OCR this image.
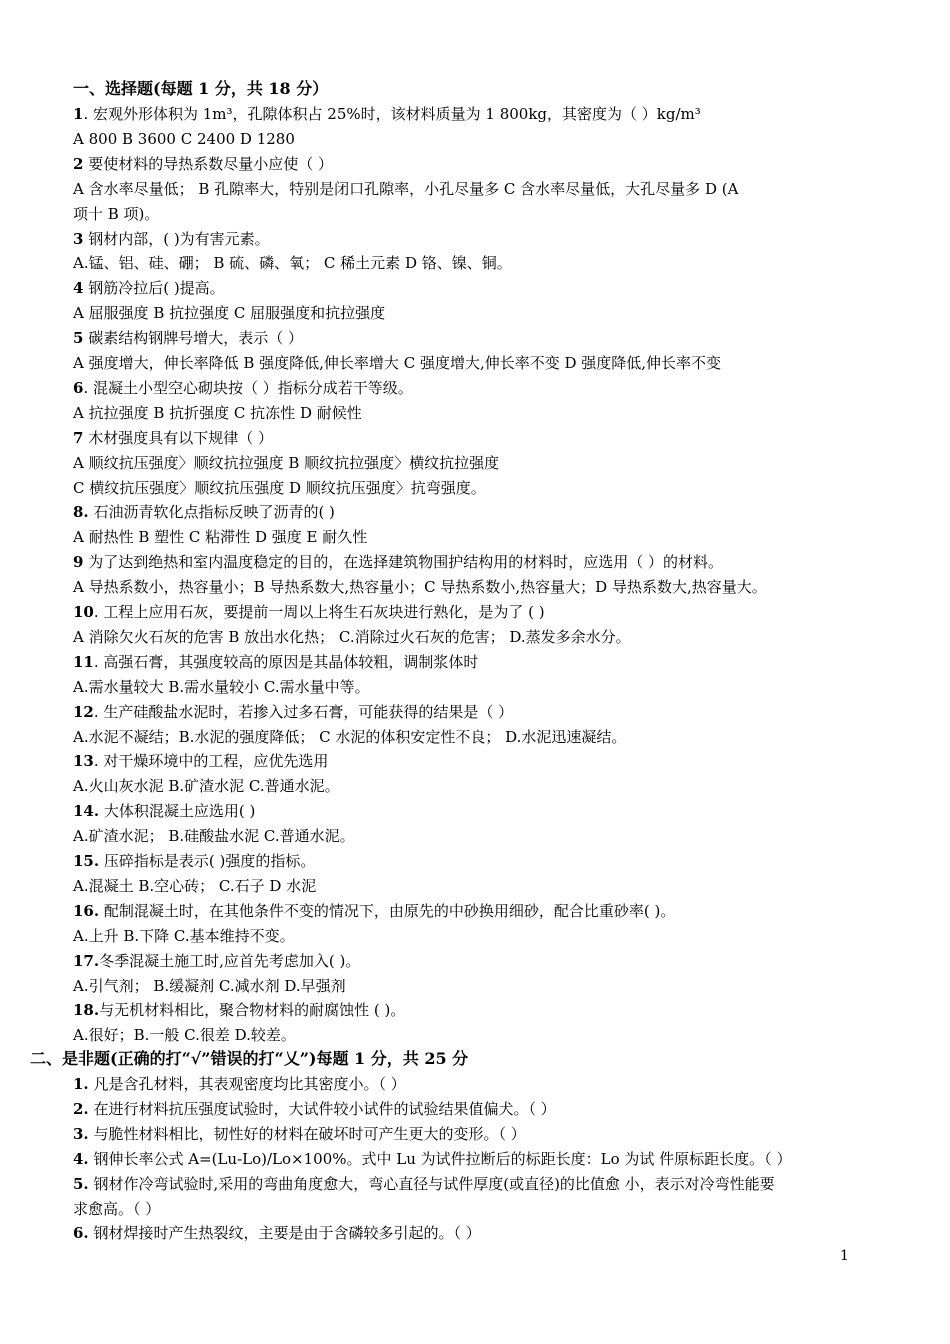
一、选择题(每题 1 分，共 18 分）
1. 宏观外形体积为 1m³，孔隙体积占 25%时，该材料质量为 1 800kg，其密度为（ ）kg/m³
A 800 B 3600 C 2400 D 1280
2 要使材料的导热系数尽量小应使（ ）
A 含水率尽量低； B 孔隙率大，特别是闭口孔隙率，小孔尽量多 C 含水率尽量低，大孔尽量多 D (A
项十 B 项)。
3 钢材内部，( )为有害元素。
A.锰、铝、硅、硼； B 硫、磷、氧； C 稀土元素 D 铬、镍、铜。
4 钢筋冷拉后( )提高。
A 屈服强度 B 抗拉强度 C 屈服强度和抗拉强度
5 碳素结构钢牌号增大，表示（ ）
A 强度增大，伸长率降低 B 强度降低,伸长率增大 C 强度增大,伸长率不变 D 强度降低,伸长率不变
6. 混凝土小型空心砌块按（ ）指标分成若干等级。
A 抗拉强度 B 抗折强度 C 抗冻性 D 耐候性
7 木材强度具有以下规律（ ）
A 顺纹抗压强度〉顺纹抗拉强度 B 顺纹抗拉强度〉横纹抗拉强度
C 横纹抗压强度〉顺纹抗压强度 D 顺纹抗压强度〉抗弯强度。
8. 石油沥青软化点指标反映了沥青的( )
A 耐热性 B 塑性 C 粘滞性 D 强度 E 耐久性
9 为了达到绝热和室内温度稳定的目的，在选择建筑物围护结构用的材料时，应选用（ ）的材料。
A 导热系数小，热容量小；B 导热系数大,热容量小；C 导热系数小,热容量大；D 导热系数大,热容量大。
10. 工程上应用石灰，要提前一周以上将生石灰块进行熟化，是为了 ( )
A 消除欠火石灰的危害 B 放出水化热； C.消除过火石灰的危害； D.蒸发多余水分。
11. 高强石膏，其强度较高的原因是其晶体较粗，调制浆体时
A.需水量较大 B.需水量较小 C.需水量中等。
12. 生产硅酸盐水泥时，若掺入过多石膏，可能获得的结果是（ ）
A.水泥不凝结；B.水泥的强度降低； C 水泥的体积安定性不良； D.水泥迅速凝结。
13. 对干燥环境中的工程，应优先选用
A.火山灰水泥 B.矿渣水泥 C.普通水泥。
14. 大体积混凝土应选用( )
A.矿渣水泥； B.硅酸盐水泥 C.普通水泥。
15. 压碎指标是表示( )强度的指标。
A.混凝土 B.空心砖； C.石子 D 水泥
16. 配制混凝土时，在其他条件不变的情况下，由原先的中砂换用细砂，配合比重砂率( )。
A.上升 B.下降 C.基本维持不变。
17.冬季混凝土施工时,应首先考虑加入( )。
A.引气剂； B.缓凝剂 C.减水剂 D.早强剂
18.与无机材料相比，聚合物材料的耐腐蚀性 ( )。
A.很好；B.一般 C.很差 D.较差。
二、是非题(正确的打“√”错误的打“乂”)每题 1 分，共 25 分
1. 凡是含孔材料，其表观密度均比其密度小。（ ）
2. 在进行材料抗压强度试验时，大试件较小试件的试验结果值偏犬。（ ）
3. 与脆性材料相比，韧性好的材料在破坏时可产生更大的变形。（ ）
4. 钢伸长率公式 A=(Lu-Lo)/Lo×100%。式中 Lu 为试件拉断后的标距长度：Lo 为试 件原标距长度。（ ）
5. 钢材作冷弯试验时,采用的弯曲角度愈大，弯心直径与试件厚度(或直径)的比值愈 小，表示对冷弯性能要
求愈高。（ ）
6. 钢材焊接时产生热裂纹，主要是由于含磷较多引起的。（ ）
1
